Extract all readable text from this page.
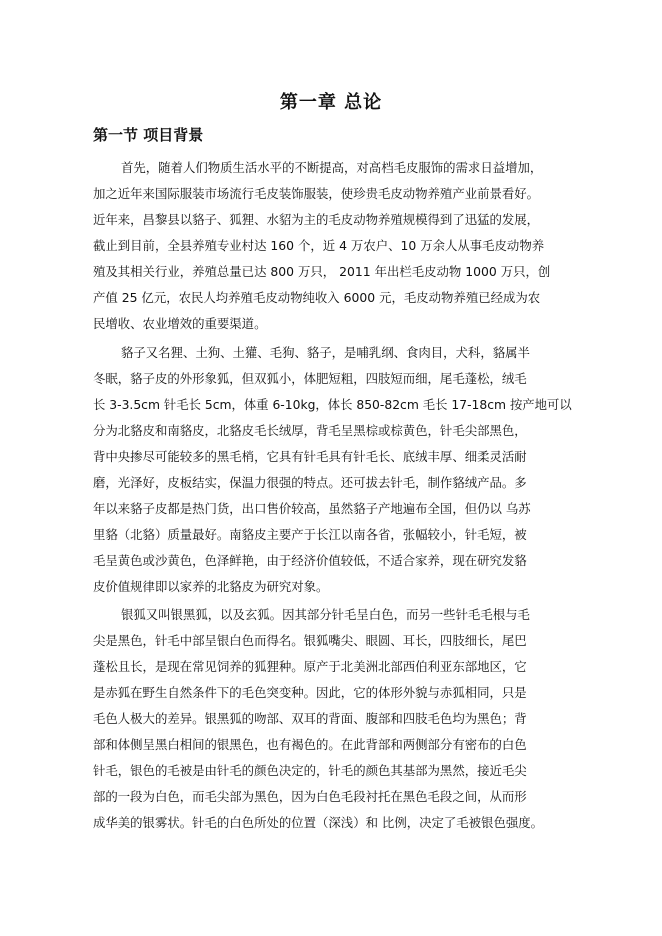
第一章 总论
第一节 项目背景

首先，随着人们物质生活水平的不断提高，对高档毛皮服饰的需求日益增加，

加之近年来国际服装市场流行毛皮装饰服装，使珍贵毛皮动物养殖产业前景看好。

近年来，昌黎县以貉子、狐狸、水貂为主的毛皮动物养殖规模得到了迅猛的发展，

截止到目前，全县养殖专业村达 160 个，近 4 万农户、10 万余人从事毛皮动物养

殖及其相关行业，养殖总量已达 800 万只， 2011 年出栏毛皮动物 1000 万只，创

产值 25 亿元，农民人均养殖毛皮动物纯收入 6000 元，毛皮动物养殖已经成为农

民增收、农业增效的重要渠道。

貉子又名狸、土狗、土獾、毛狗、貉子，是哺乳纲、食肉目，犬科，貉属半

冬眠，貉子皮的外形象狐，但双狐小，体肥短粗，四肢短而细，尾毛蓬松，绒毛

长 3-3.5cm 针毛长 5cm，体重 6-10kg，体长 850-82cm 毛长 17-18cm 按产地可以

分为北貉皮和南貉皮，北貉皮毛长绒厚，背毛呈黑棕或棕黄色，针毛尖部黑色，

背中央掺尽可能较多的黑毛梢，它具有针毛具有针毛长、底绒丰厚、细柔灵活耐

磨，光泽好，皮板结实，保温力很强的特点。还可拔去针毛，制作貉绒产品。多

年以来貉子皮都是热门货，出口售价较高，虽然貉子产地遍布全国，但仍以 乌苏

里貉（北貉）质量最好。南貉皮主要产于长江以南各省，张幅较小，针毛短，被

毛呈黄色或沙黄色，色泽鲜艳，由于经济价值较低，不适合家养，现在研究发貉

皮价值规律即以家养的北貉皮为研究对象。

银狐又叫银黑狐，以及玄狐。因其部分针毛呈白色，而另一些针毛毛根与毛

尖是黑色，针毛中部呈银白色而得名。银狐嘴尖、眼圆、耳长，四肢细长，尾巴

蓬松且长，是现在常见饲养的狐狸种。原产于北美洲北部西伯利亚东部地区，它

是赤狐在野生自然条件下的毛色突变种。因此，它的体形外貌与赤狐相同，只是

毛色人极大的差异。银黑狐的吻部、双耳的背面、腹部和四肢毛色均为黑色；背

部和体侧呈黑白相间的银黑色，也有褐色的。在此背部和两侧部分有密布的白色

针毛，银色的毛被是由针毛的颜色决定的，针毛的颜色其基部为黑然，接近毛尖

部的一段为白色，而毛尖部为黑色，因为白色毛段衬托在黑色毛段之间，从而形

成华美的银雾状。针毛的白色所处的位置（深浅）和 比例，决定了毛被银色强度。
